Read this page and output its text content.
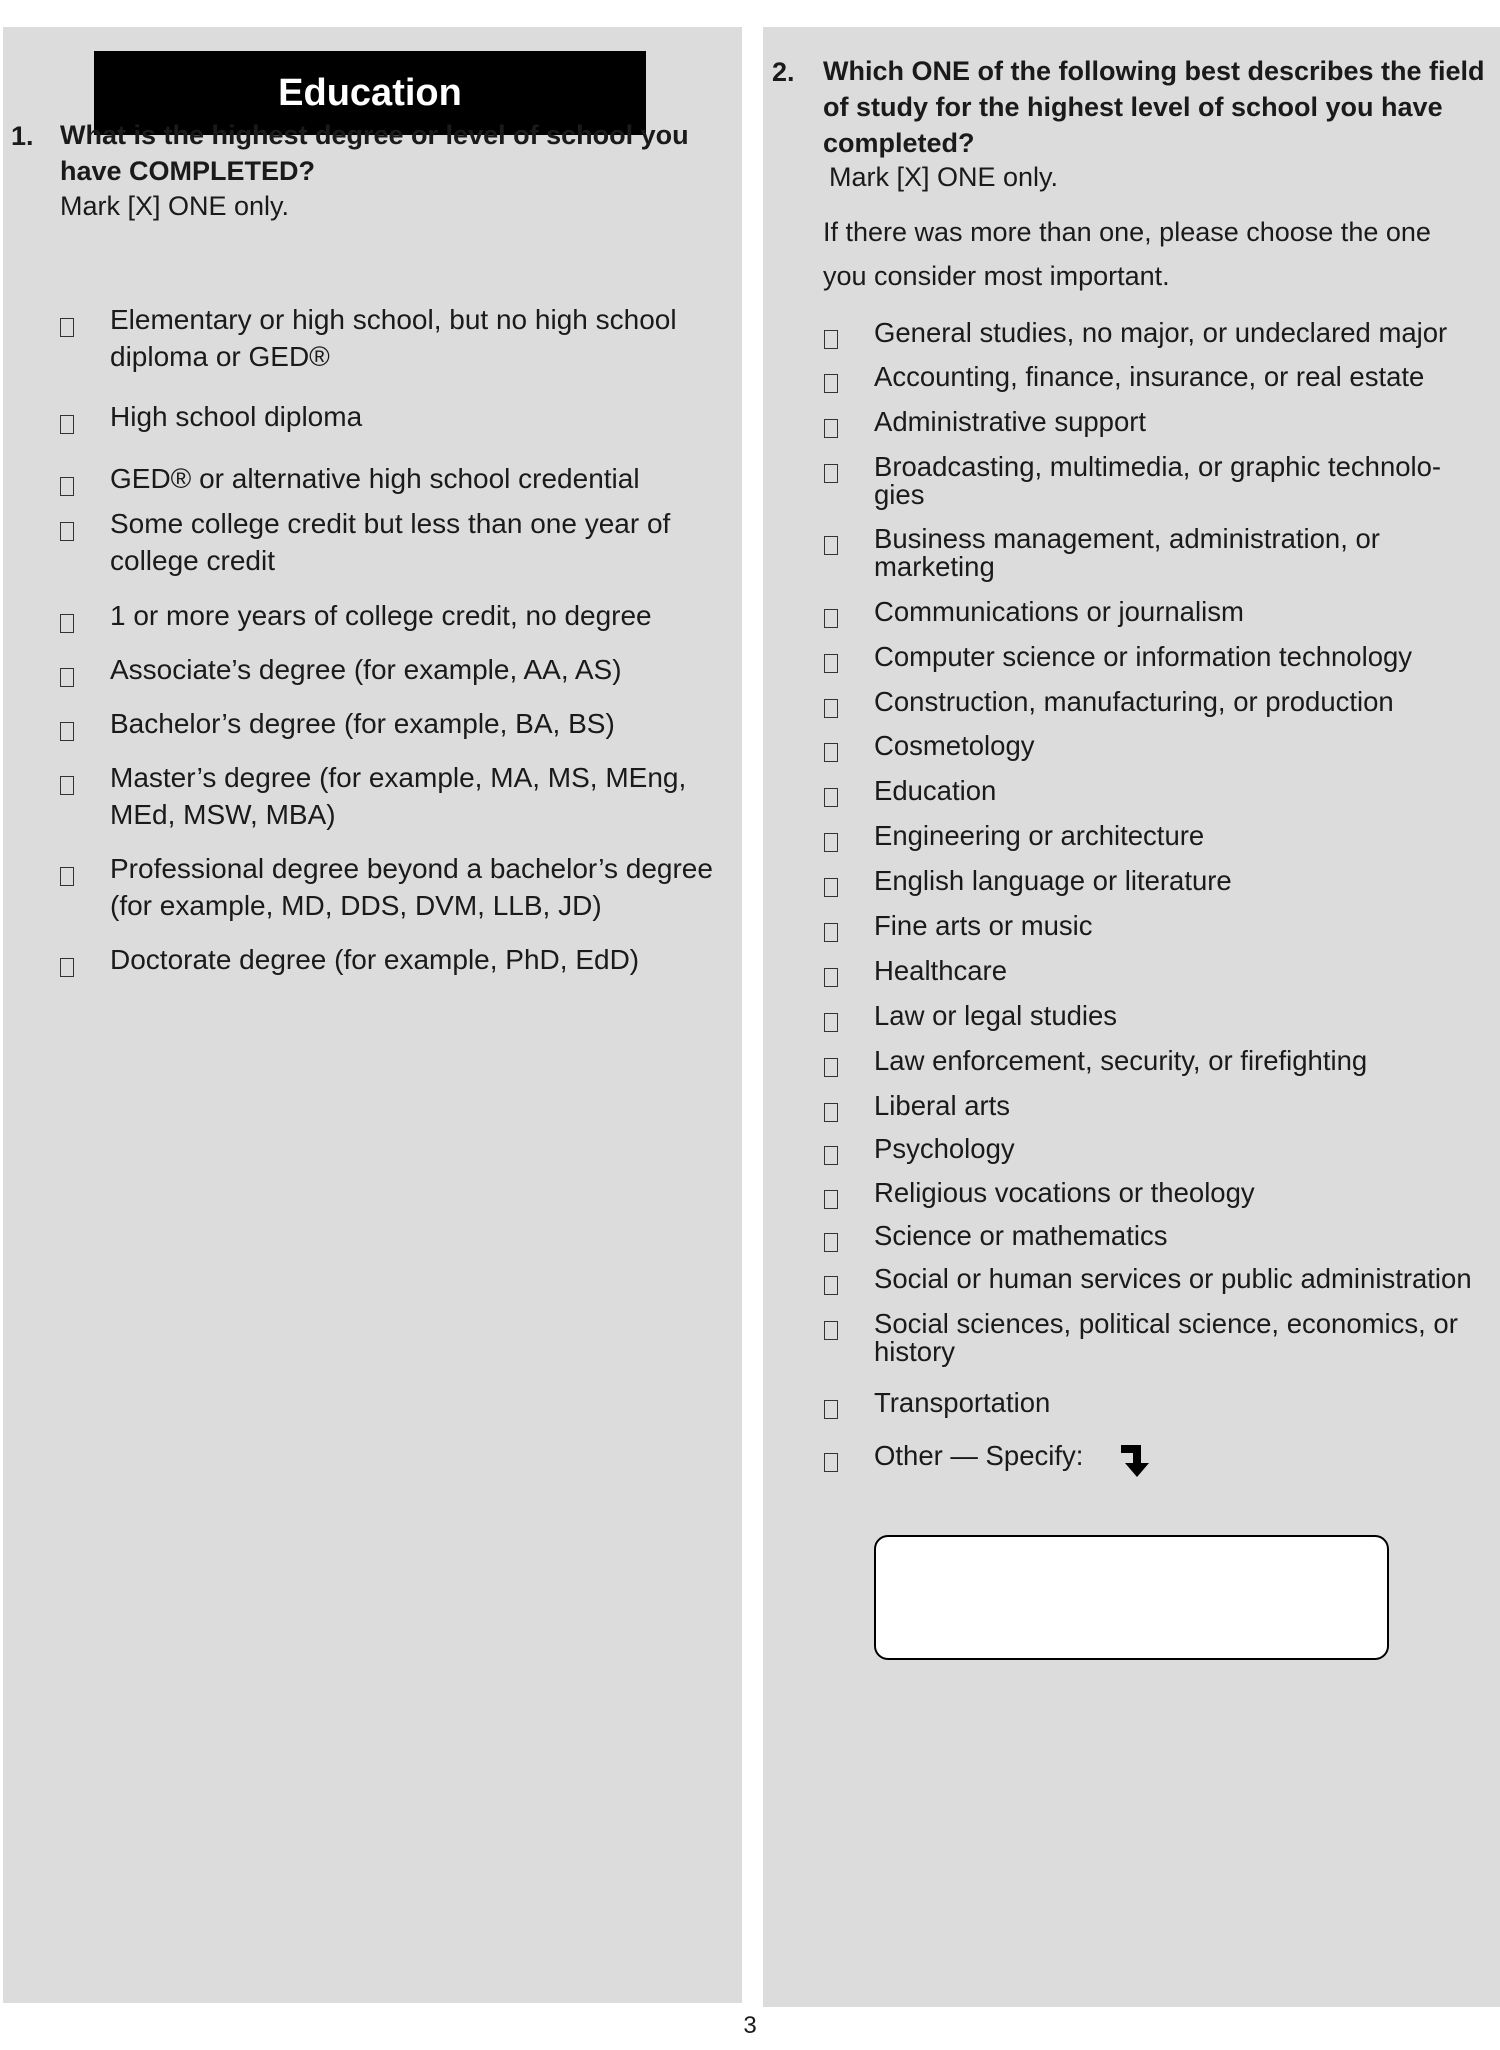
Education
1. What is the highest degree or level of school you
have COMPLETED?
Mark [X] ONE only.
Elementary or high school, but no high school
diploma or GED®
High school diploma
GED® or alternative high school credential
Some college credit but less than one year of
college credit
1 or more years of college credit, no degree
Associate’s degree (for example, AA, AS)
Bachelor’s degree (for example, BA, BS)
Master’s degree (for example, MA, MS, MEng,
MEd, MSW, MBA)
Professional degree beyond a bachelor’s degree
(for example, MD, DDS, DVM, LLB, JD)
Doctorate degree (for example, PhD, EdD)
2. Which ONE of the following best describes the field
of study for the highest level of school you have
completed?
Mark [X] ONE only.
If there was more than one, please choose the one
you consider most important.
General studies, no major, or undeclared major
Accounting, finance, insurance, or real estate
Administrative support
Broadcasting, multimedia, or graphic technolo-
gies
Business management, administration, or
marketing
Communications or journalism
Computer science or information technology
Construction, manufacturing, or production
Cosmetology
Education
Engineering or architecture
English language or literature
Fine arts or music
Healthcare
Law or legal studies
Law enforcement, security, or firefighting
Liberal arts
Psychology
Religious vocations or theology
Science or mathematics
Social or human services or public administration
Social sciences, political science, economics, or
history
Transportation
Other — Specify:
3
